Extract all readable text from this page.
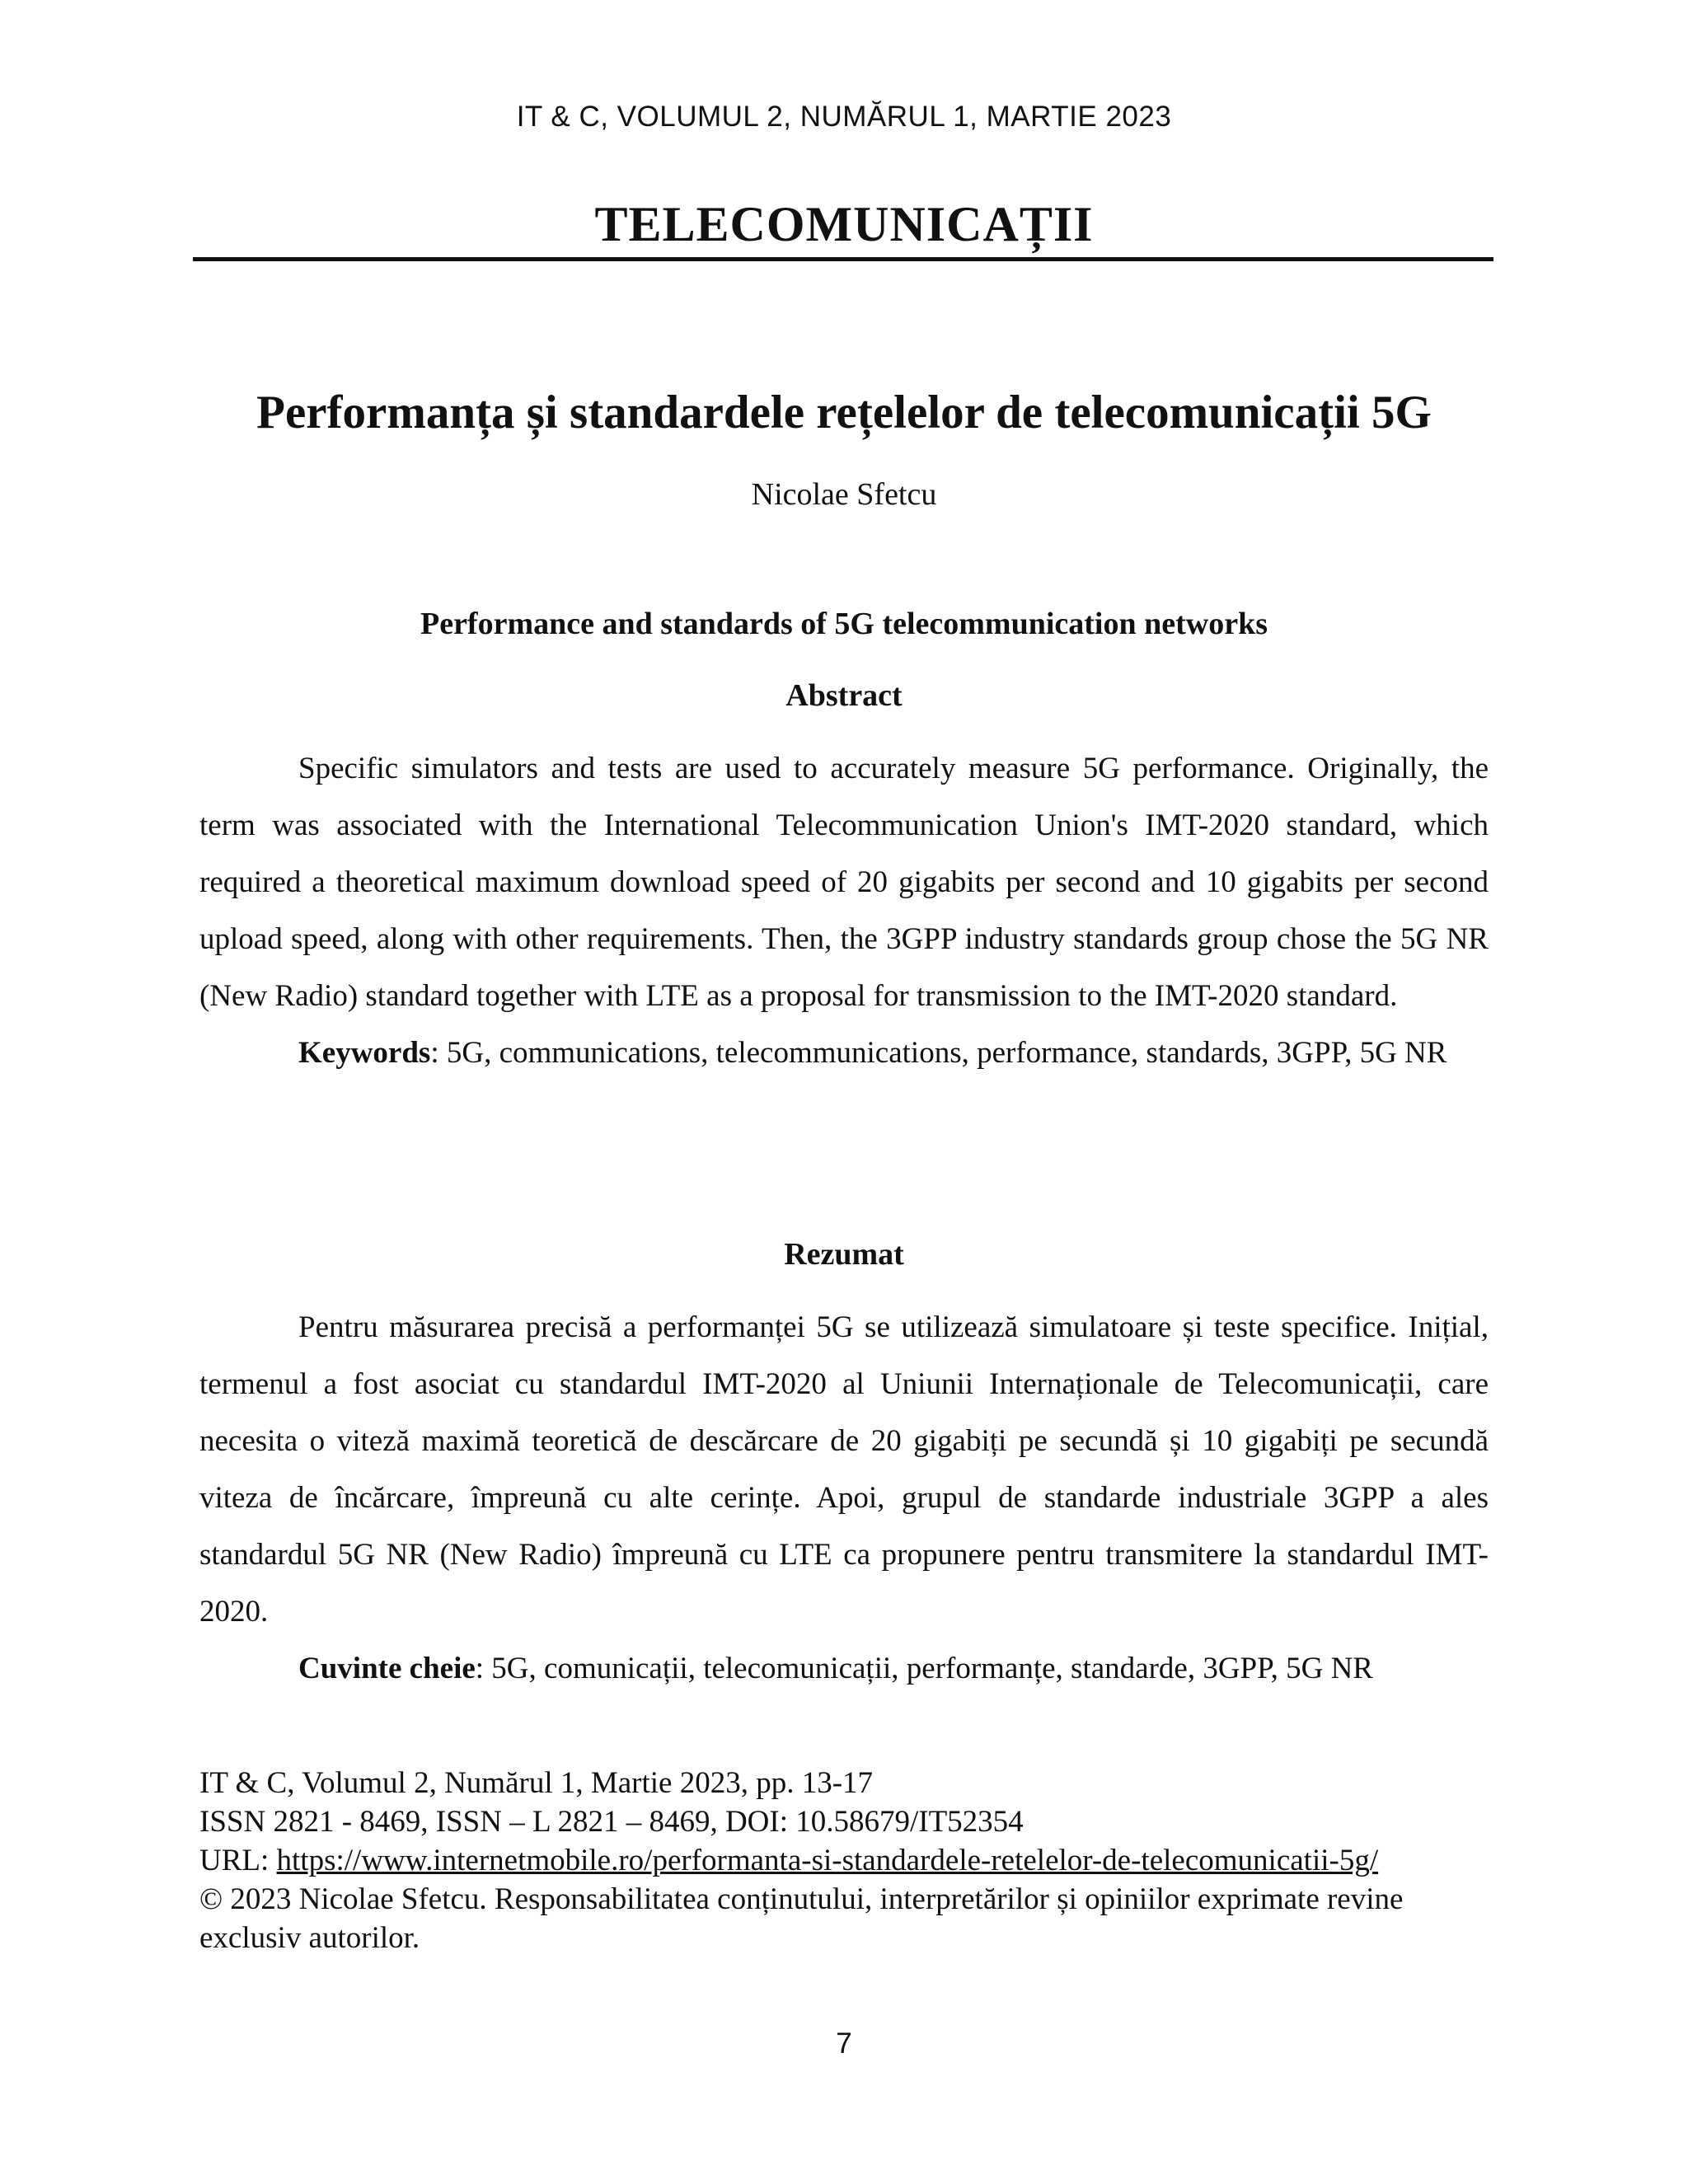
IT & C, VOLUMUL 2, NUMĂRUL 1, MARTIE 2023
TELECOMUNICAȚII
Performanța și standardele rețelelor de telecomunicații 5G
Nicolae Sfetcu
Performance and standards of 5G telecommunication networks
Abstract

Specific simulators and tests are used to accurately measure 5G performance. Originally, the term was associated with the International Telecommunication Union's IMT-2020 standard, which required a theoretical maximum download speed of 20 gigabits per second and 10 gigabits per second upload speed, along with other requirements. Then, the 3GPP industry standards group chose the 5G NR (New Radio) standard together with LTE as a proposal for transmission to the IMT-2020 standard.

Keywords: 5G, communications, telecommunications, performance, standards, 3GPP, 5G NR

Rezumat

Pentru măsurarea precisă a performanței 5G se utilizează simulatoare și teste specifice. Inițial, termenul a fost asociat cu standardul IMT-2020 al Uniunii Internaționale de Telecomunicații, care necesita o viteză maximă teoretică de descărcare de 20 gigabiți pe secundă și 10 gigabiți pe secundă viteza de încărcare, împreună cu alte cerințe. Apoi, grupul de standarde industriale 3GPP a ales standardul 5G NR (New Radio) împreună cu LTE ca propunere pentru transmitere la standardul IMT-2020.

Cuvinte cheie: 5G, comunicații, telecomunicații, performanțe, standarde, 3GPP, 5G NR

IT & C, Volumul 2, Numărul 1, Martie 2023, pp. 13-17
ISSN 2821 - 8469, ISSN – L 2821 – 8469, DOI: 10.58679/IT52354
URL: https://www.internetmobile.ro/performanta-si-standardele-retelelor-de-telecomunicatii-5g/
© 2023 Nicolae Sfetcu. Responsabilitatea conținutului, interpretărilor și opiniilor exprimate revine exclusiv autorilor.
7
